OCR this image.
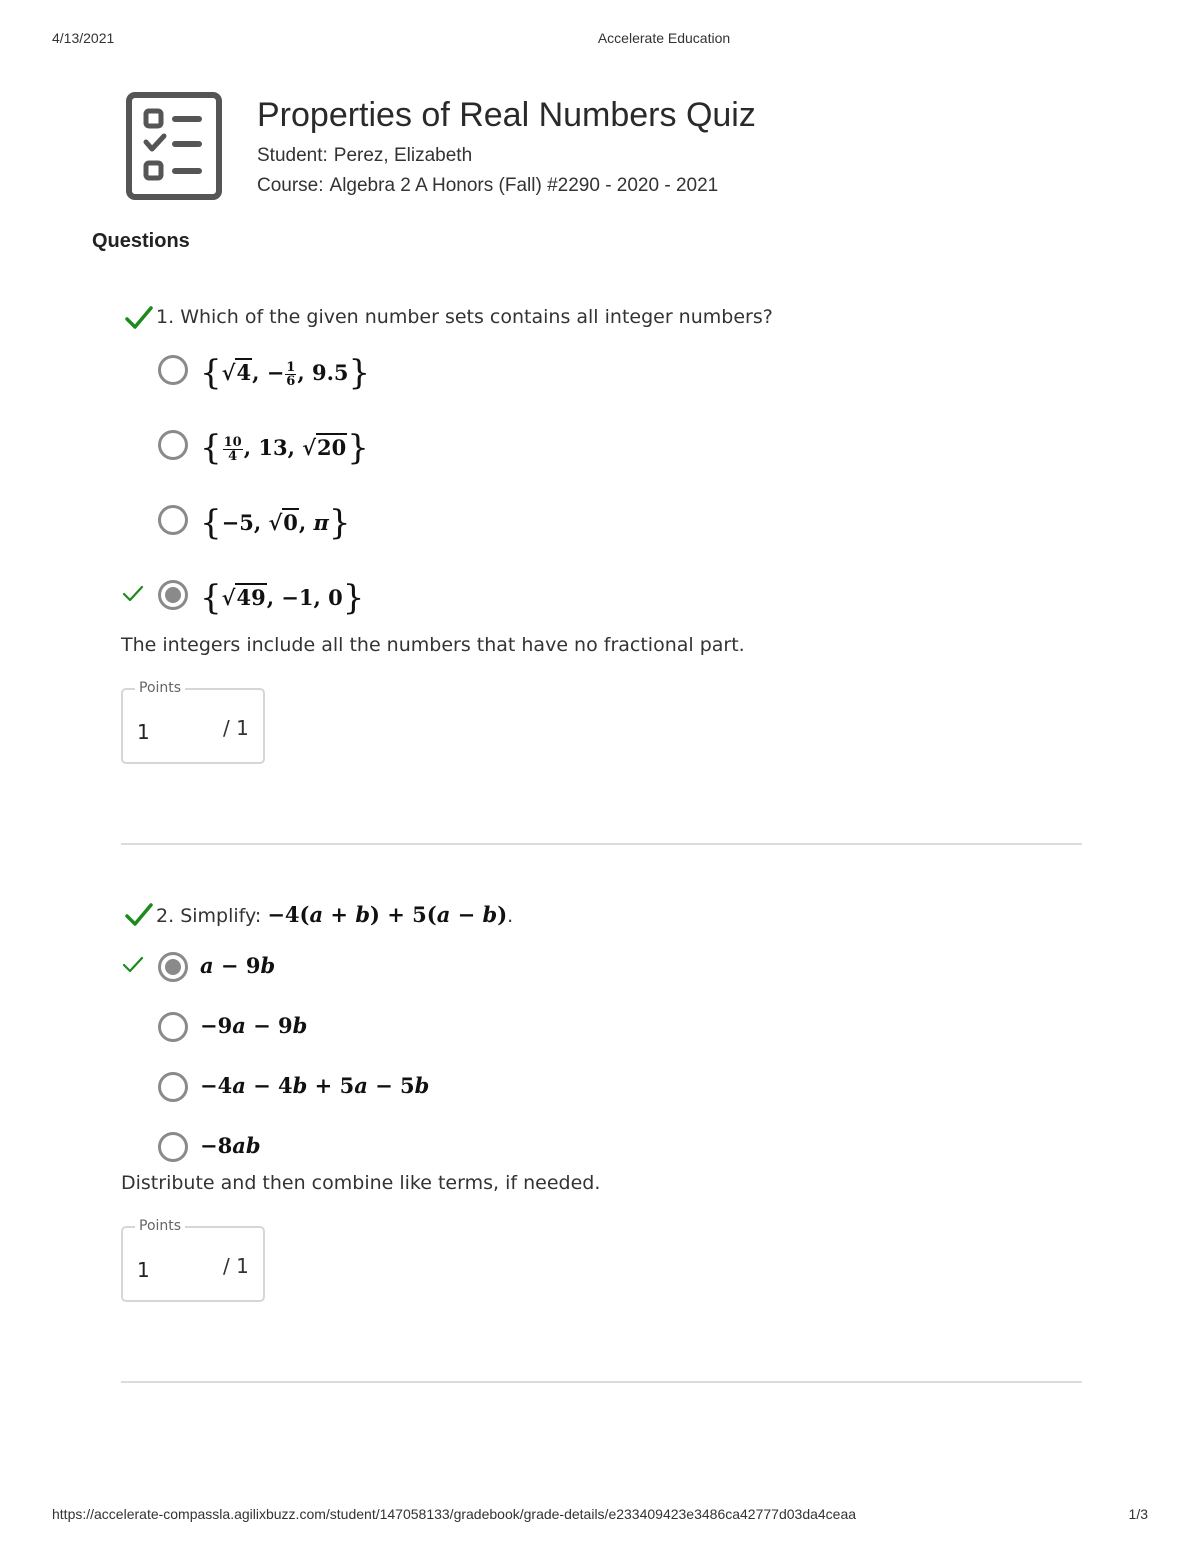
4/13/2021	Accelerate Education
Properties of Real Numbers Quiz
Student: Perez, Elizabeth
Course: Algebra 2 A Honors (Fall) #2290 - 2020 - 2021
Questions
1. Which of the given number sets contains all integer numbers?
{√4, − $\frac{1}{6}$ , 9.5}
{ $\frac{10}{4}$ , 13, √20}
{−5, √0, π}
{√49, −1, 0}
The integers include all the numbers that have no fractional part.
Points
1	/ 1
2. Simplify: −4(a + b) + 5(a − b).
a − 9b
−9a − 9b
−4a − 4b + 5a − 5b
−8ab
Distribute and then combine like terms, if needed.
Points
1	/ 1
https://accelerate-compassla.agilixbuzz.com/student/147058133/gradebook/grade-details/e233409423e3486ca42777d03da4ceaa	1/3
